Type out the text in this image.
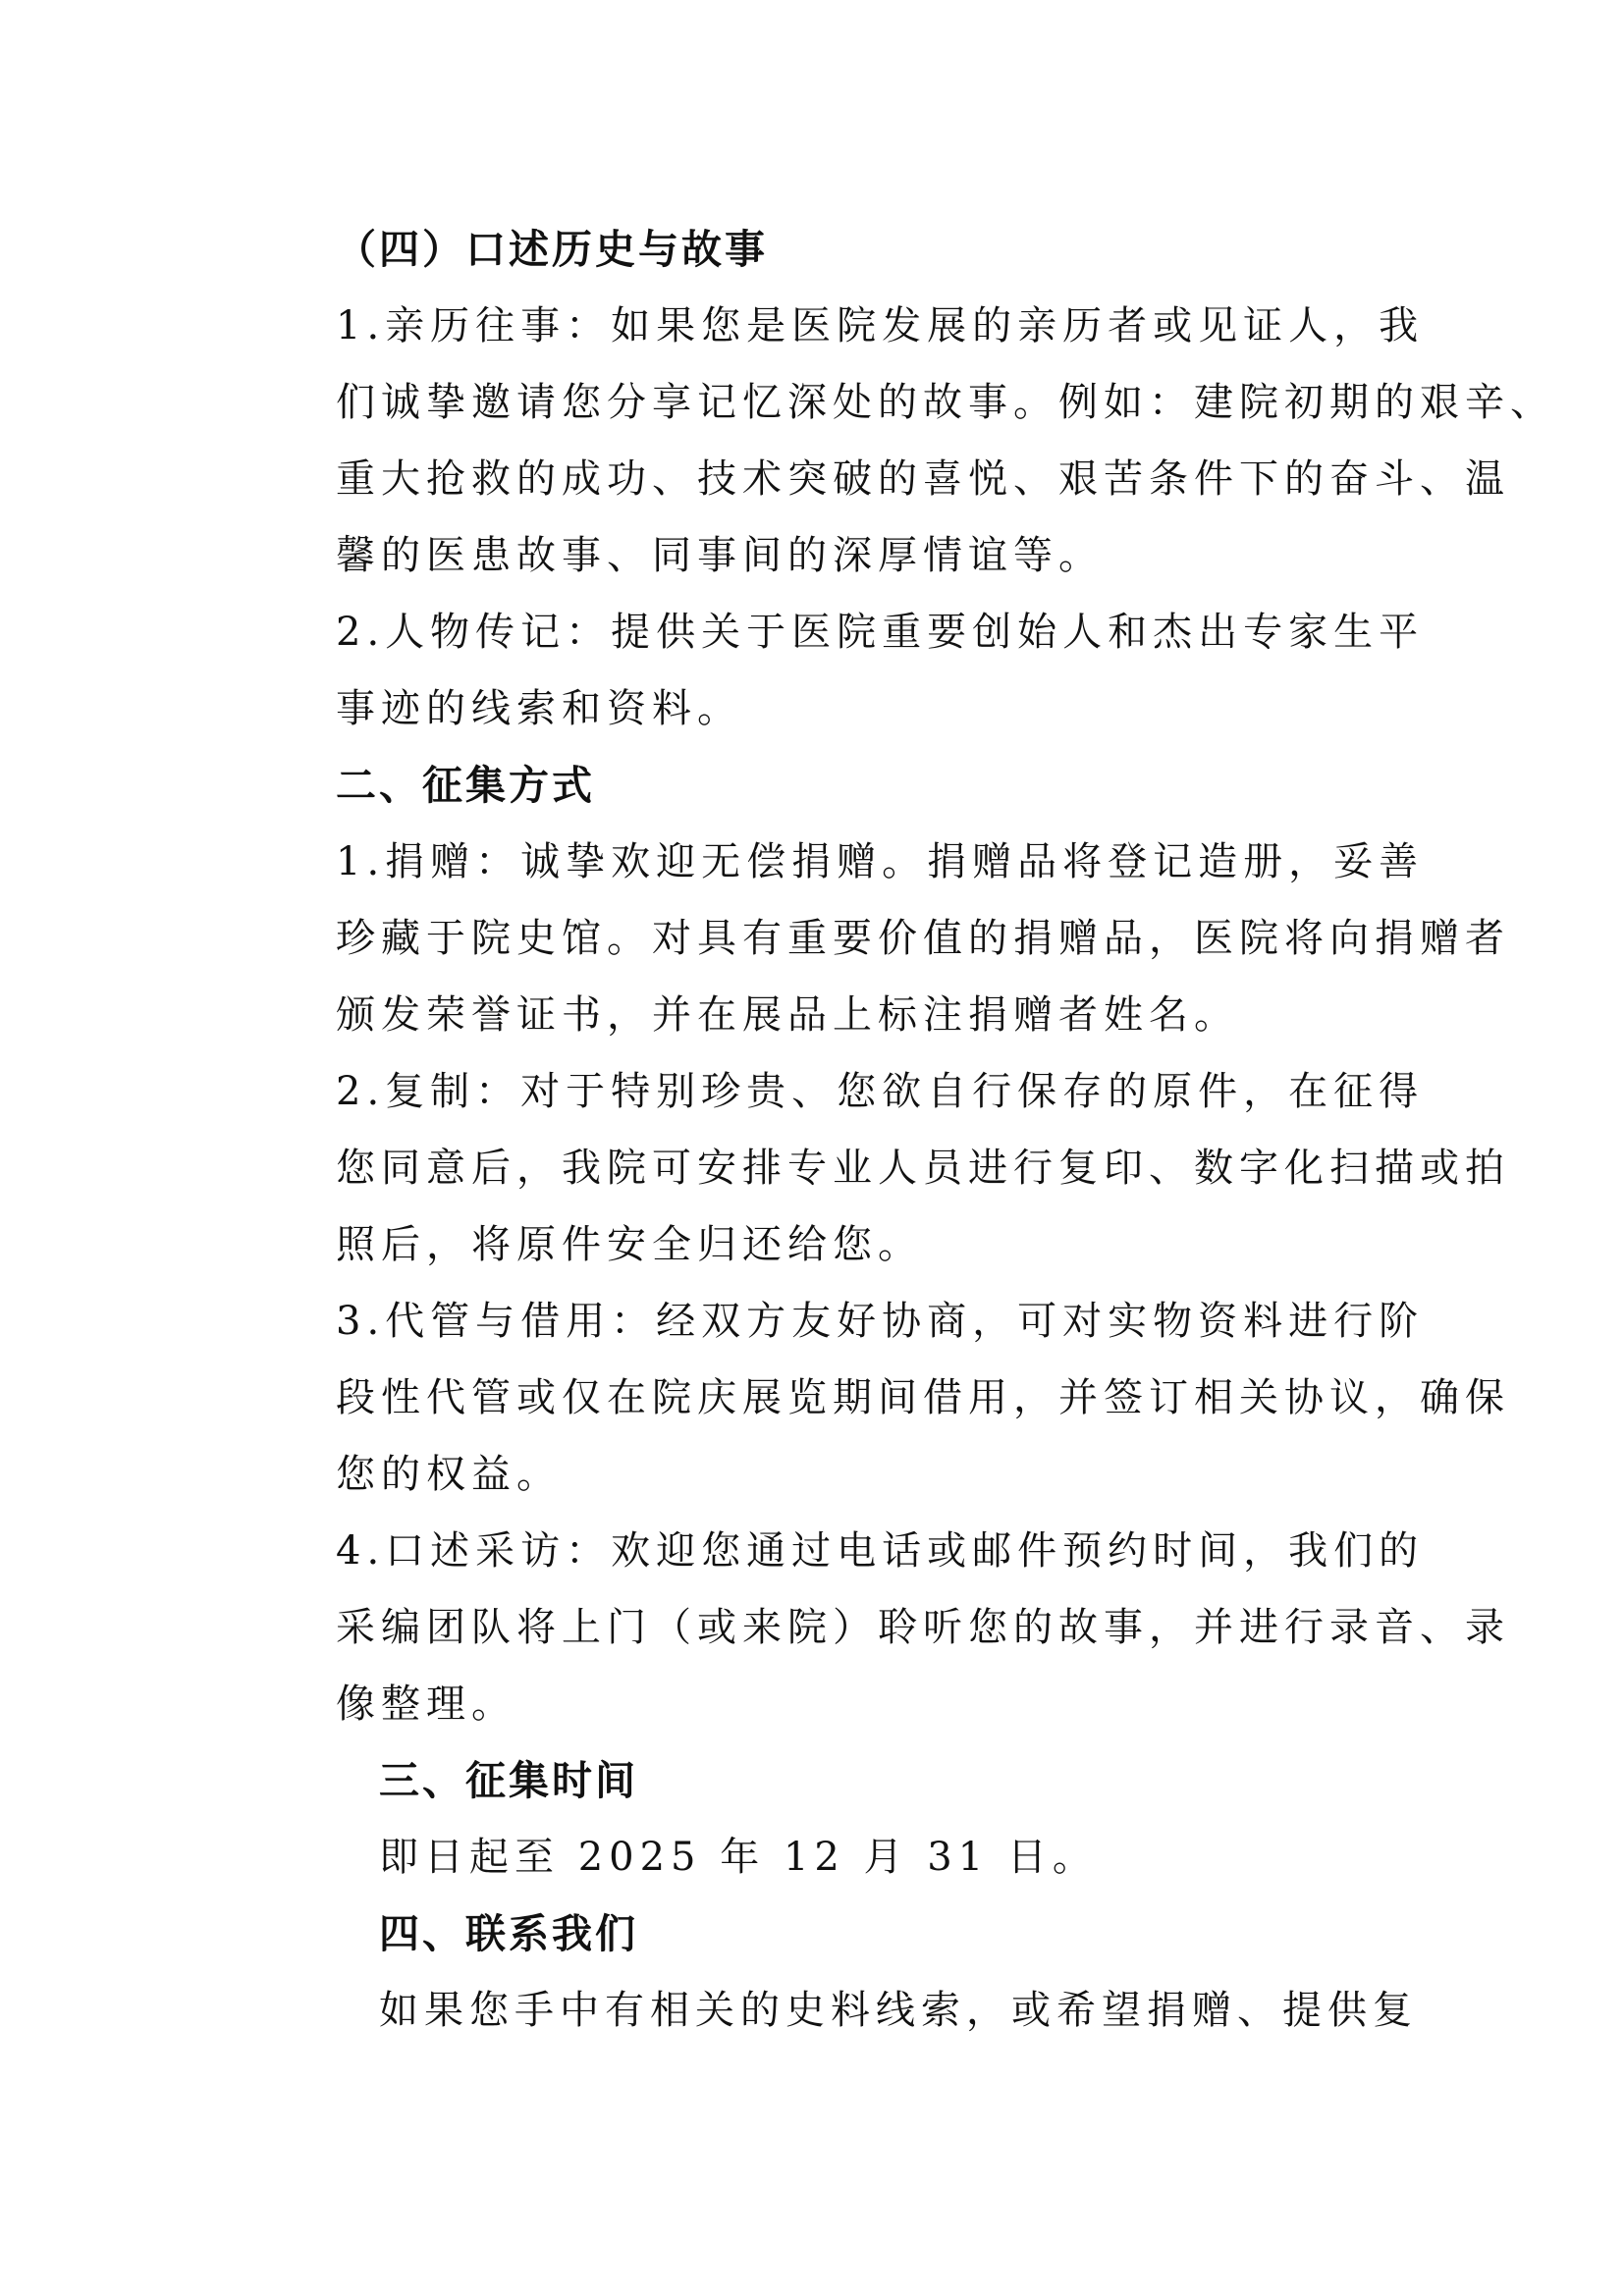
（四）口述历史与故事
1.亲历往事：如果您是医院发展的亲历者或见证人，我
们诚挚邀请您分享记忆深处的故事。例如：建院初期的艰辛、
重大抢救的成功、技术突破的喜悦、艰苦条件下的奋斗、温
馨的医患故事、同事间的深厚情谊等。
2.人物传记：提供关于医院重要创始人和杰出专家生平
事迹的线索和资料。
二、征集方式
1.捐赠：诚挚欢迎无偿捐赠。捐赠品将登记造册，妥善
珍藏于院史馆。对具有重要价值的捐赠品，医院将向捐赠者
颁发荣誉证书，并在展品上标注捐赠者姓名。
2.复制：对于特别珍贵、您欲自行保存的原件，在征得
您同意后，我院可安排专业人员进行复印、数字化扫描或拍
照后，将原件安全归还给您。
3.代管与借用：经双方友好协商，可对实物资料进行阶
段性代管或仅在院庆展览期间借用，并签订相关协议，确保
您的权益。
4.口述采访：欢迎您通过电话或邮件预约时间，我们的
采编团队将上门（或来院）聆听您的故事，并进行录音、录
像整理。
三、征集时间
即日起至 2025 年 12 月 31 日。
四、联系我们
如果您手中有相关的史料线索，或希望捐赠、提供复
